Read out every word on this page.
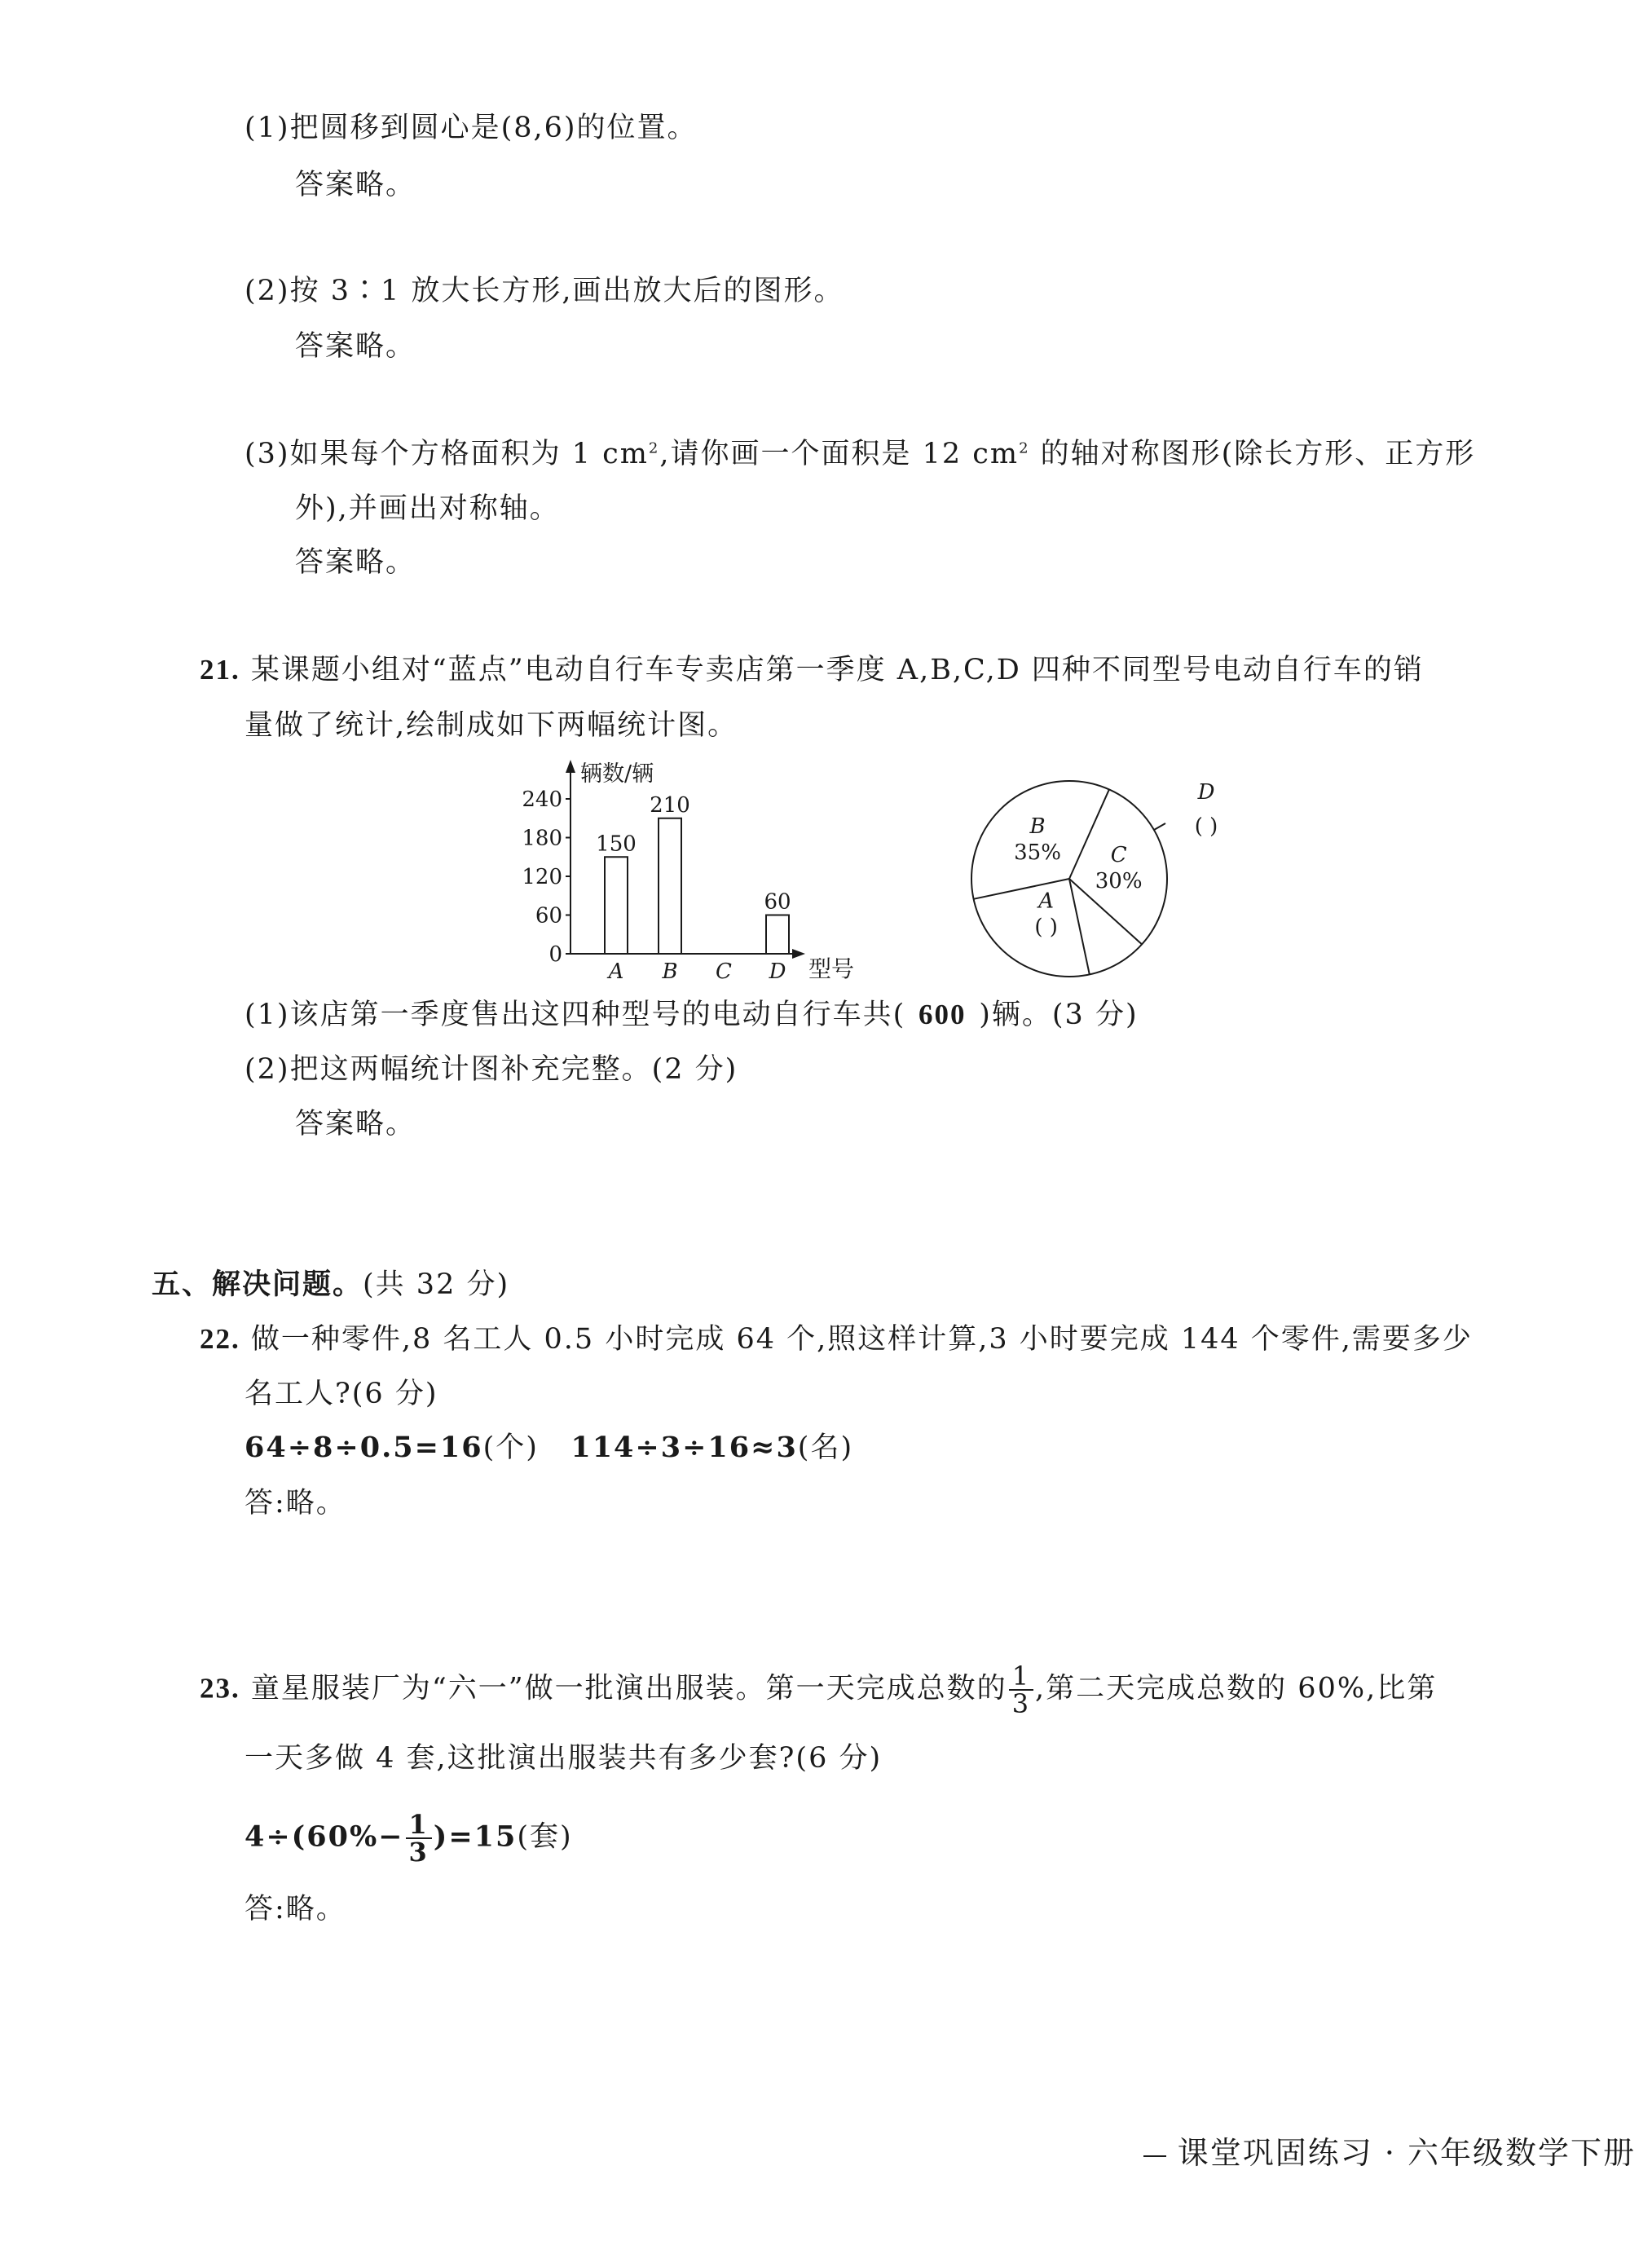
(1)把圆移到圆心是(8,6)的位置。
答案略。
(2)按 3∶1 放大长方形,画出放大后的图形。
答案略。
(3)如果每个方格面积为 1 $cm^2$,请你画一个面积是 12 $cm^2$ 的轴对称图形(除长方形、正方形
外),并画出对称轴。
答案略。
21. 某课题小组对“蓝点”电动自行车专卖店第一季度 A,B,C,D 四种不同型号电动自行车的销
量做了统计,绘制成如下两幅统计图。
辆数/辆
型号
0
60
120
180
240
150
A
210
B C
60
D
C
30%
D
( )
A
( )
B
35%
(1)该店第一季度售出这四种型号的电动自行车共( 600 )辆。(3 分)
(2)把这两幅统计图补充完整。(2 分)
答案略。
五、解决问题。(共 32 分)
22. 做一种零件,8 名工人 0.5 小时完成 64 个,照这样计算,3 小时要完成 144 个零件,需要多少
名工人?(6 分)
64÷8÷0.5=16(个) 114÷3÷16≈3(名)
答:略。
23. 童星服装厂为“六一”做一批演出服装。第一天完成总数的 $\frac{1}{3}$ ,第二天完成总数的 60%,比第
一天多做 4 套,这批演出服装共有多少套?(6 分)
$4\div(60\%- \frac{1}{3} )=15$(套)
答:略。
课堂巩固练习 · 六年级数学下册
